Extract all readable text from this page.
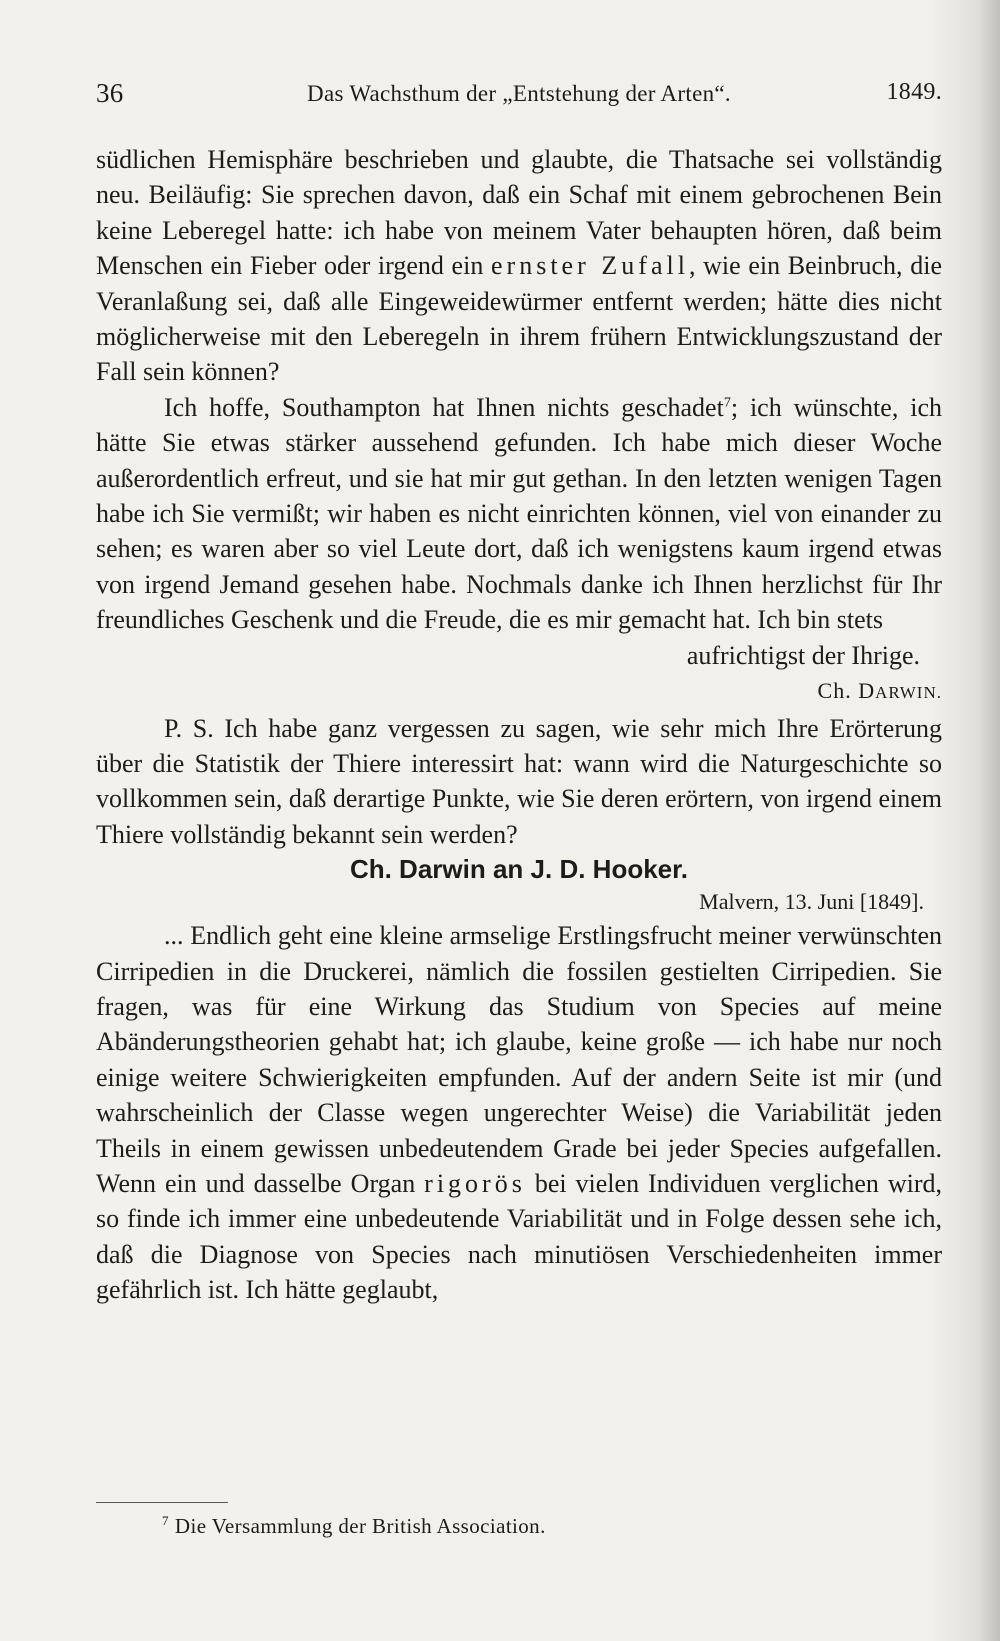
36	Das Wachsthum der „Entstehung der Arten“.	1849.

südlichen Hemisphäre beschrieben und glaubte, die Thatsache sei vollständig neu. Beiläufig: Sie sprechen davon, daß ein Schaf mit einem gebrochenen Bein keine Leberegel hatte: ich habe von meinem Vater behaupten hören, daß beim Menschen ein Fieber oder irgend ein ernster Zufall, wie ein Beinbruch, die Veranlaßung sei, daß alle Eingeweidewürmer entfernt werden; hätte dies nicht möglicherweise mit den Leberegeln in ihrem frühern Entwicklungszustand der Fall sein können?

Ich hoffe, Southampton hat Ihnen nichts geschadet$^7$; ich wünschte, ich hätte Sie etwas stärker aussehend gefunden. Ich habe mich dieser Woche außerordentlich erfreut, und sie hat mir gut gethan. In den letzten wenigen Tagen habe ich Sie vermißt; wir haben es nicht einrichten können, viel von einander zu sehen; es waren aber so viel Leute dort, daß ich wenigstens kaum irgend etwas von irgend Jemand gesehen habe. Nochmals danke ich Ihnen herzlichst für Ihr freundliches Geschenk und die Freude, die es mir gemacht hat. Ich bin stets

aufrichtigst der Ihrige.

Ch. DARWIN.

P. S. Ich habe ganz vergessen zu sagen, wie sehr mich Ihre Erörterung über die Statistik der Thiere interessirt hat: wann wird die Naturgeschichte so vollkommen sein, daß derartige Punkte, wie Sie deren erörtern, von irgend einem Thiere vollständig bekannt sein werden?

Ch. Darwin an J. D. Hooker.

Malvern, 13. Juni [1849].

... Endlich geht eine kleine armselige Erstlingsfrucht meiner verwünschten Cirripedien in die Druckerei, nämlich die fossilen gestielten Cirripedien. Sie fragen, was für eine Wirkung das Studium von Species auf meine Abänderungstheorien gehabt hat; ich glaube, keine große — ich habe nur noch einige weitere Schwierigkeiten empfunden. Auf der andern Seite ist mir (und wahrscheinlich der Classe wegen ungerechter Weise) die Variabilität jeden Theils in einem gewissen unbedeutendem Grade bei jeder Species aufgefallen. Wenn ein und dasselbe Organ rigorös bei vielen Individuen verglichen wird, so finde ich immer eine unbedeutende Variabilität und in Folge dessen sehe ich, daß die Diagnose von Species nach minutiösen Verschiedenheiten immer gefährlich ist. Ich hätte geglaubt,

$^7$ Die Versammlung der British Association.
